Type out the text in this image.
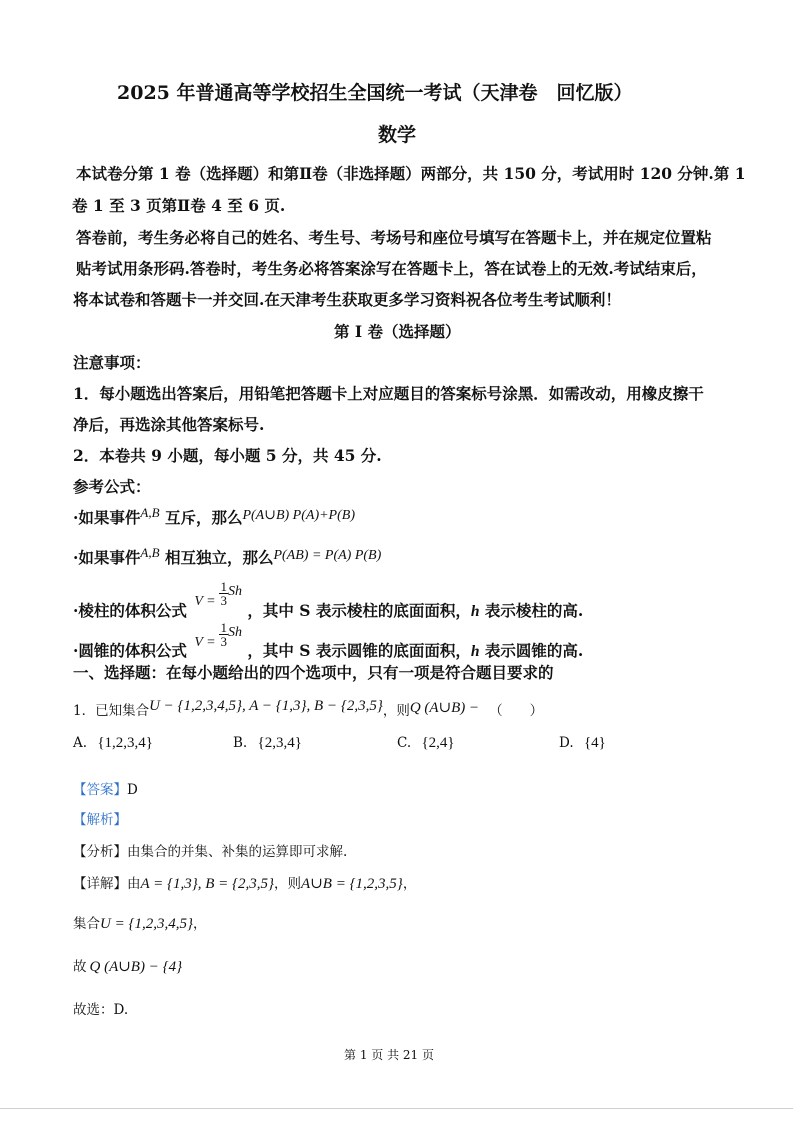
2025 年普通高等学校招生全国统一考试（天津卷　回忆版）
数学
本试卷分第 1 卷（选择题）和第Ⅱ卷（非选择题）两部分，共 150 分，考试用时 120 分钟.第 1
卷 1 至 3 页第Ⅱ卷 4 至 6 页.
答卷前，考生务必将自己的姓名、考生号、考场号和座位号填写在答题卡上，并在规定位置粘
贴考试用条形码.答卷时，考生务必将答案涂写在答题卡上，答在试卷上的无效.考试结束后，
将本试卷和答题卡一并交回.在天津考生获取更多学习资料祝各位考生考试顺利！
第 I 卷（选择题）
注意事项：
1．每小题选出答案后，用铅笔把答题卡上对应题目的答案标号涂黑．如需改动，用橡皮擦干
净后，再选涂其他答案标号.
2．本卷共 9 小题，每小题 5 分，共 45 分.
参考公式：
·如果事件$^{A,B}$ 互斥，那么P(A∪B) P(A)+P(B)
·如果事件$^{A,B}$ 相互独立，那么P(AB) = P(A) P(B)
·棱柱的体积公式 $V = \frac{1}{3}$ Sh ，其中 S 表示棱柱的底面面积，h 表示棱柱的高.
·圆锥的体积公式 $V = \frac{1}{3}$ Sh ，其中 S 表示圆锥的底面面积，h 表示圆锥的高.
一、选择题：在每小题给出的四个选项中，只有一项是符合题目要求的
1．已知集合U − {1,2,3,4,5}, A − {1,3}, B − {2,3,5}，则Q (A∪B) − （　　）
A. {1,2,3,4}	B. {2,3,4}	C. {2,4}	D. {4}
【答案】D
【解析】
【分析】由集合的并集、补集的运算即可求解.
【详解】由A = {1,3}, B = {2,3,5}，则A∪B = {1,2,3,5}，
集合U = {1,2,3,4,5}，
故 Q (A∪B) − {4}
故选：D.
第 1 页 共 21 页
